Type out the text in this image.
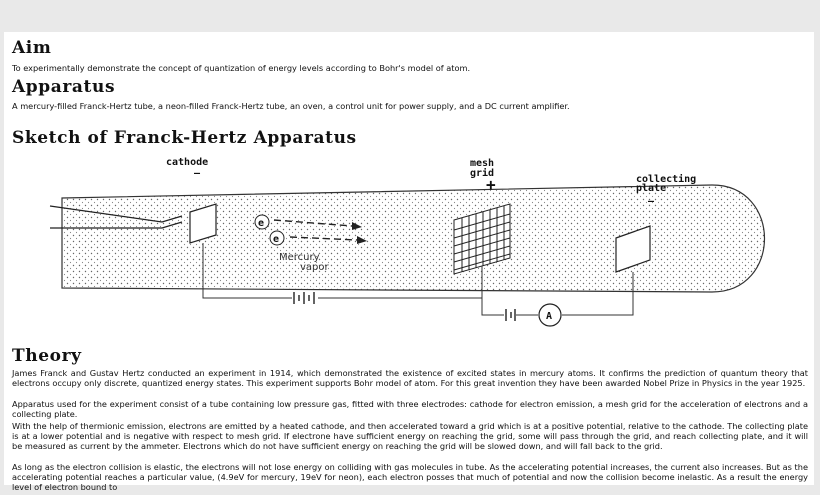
Aim
To experimentally demonstrate the concept of quantization of energy levels according to Bohr's model of atom.
Apparatus
A mercury-filled Franck-Hertz tube, a neon-filled Franck-Hertz tube, an oven, a control unit for power supply, and a DC current amplifier.
Sketch of Franck-Hertz Apparatus
Theory
James Franck and Gustav Hertz conducted an experiment in 1914, which demonstrated the existence of excited states in mercury atoms. It confirms the prediction of quantum theory that electrons occupy only discrete, quantized energy states. This experiment supports Bohr model of atom. For this great invention they have been awarded Nobel Prize in Physics in the year 1925.
Apparatus used for the experiment consist of a tube containing low pressure gas, fitted with three electrodes: cathode for electron emission, a mesh grid for the acceleration of electrons and a collecting plate.
With the help of thermionic emission, electrons are emitted by a heated cathode, and then accelerated toward a grid which is at a positive potential, relative to the cathode. The collecting plate is at a lower potential and is negative with respect to mesh grid. If electrone have sufficient energy on reaching the grid, some will pass through the grid, and reach collecting plate, and it will be measured as current by the ammeter. Electrons which do not have sufficient energy on reaching the grid will be slowed down, and will fall back to the grid.
As long as the electron collision is elastic, the electrons will not lose energy on colliding with gas molecules in tube. As the accelerating potential increases, the current also increases. But as the accelerating potential reaches a particular value, (4.9eV for mercury, 19eV for neon), each electron posses that much of potential and now the collision become inelastic. As a result the energy level of electron bound to
cathode
—
e
e
Mercury
vapor
mesh
grid
+	collecting
plate
—
A
